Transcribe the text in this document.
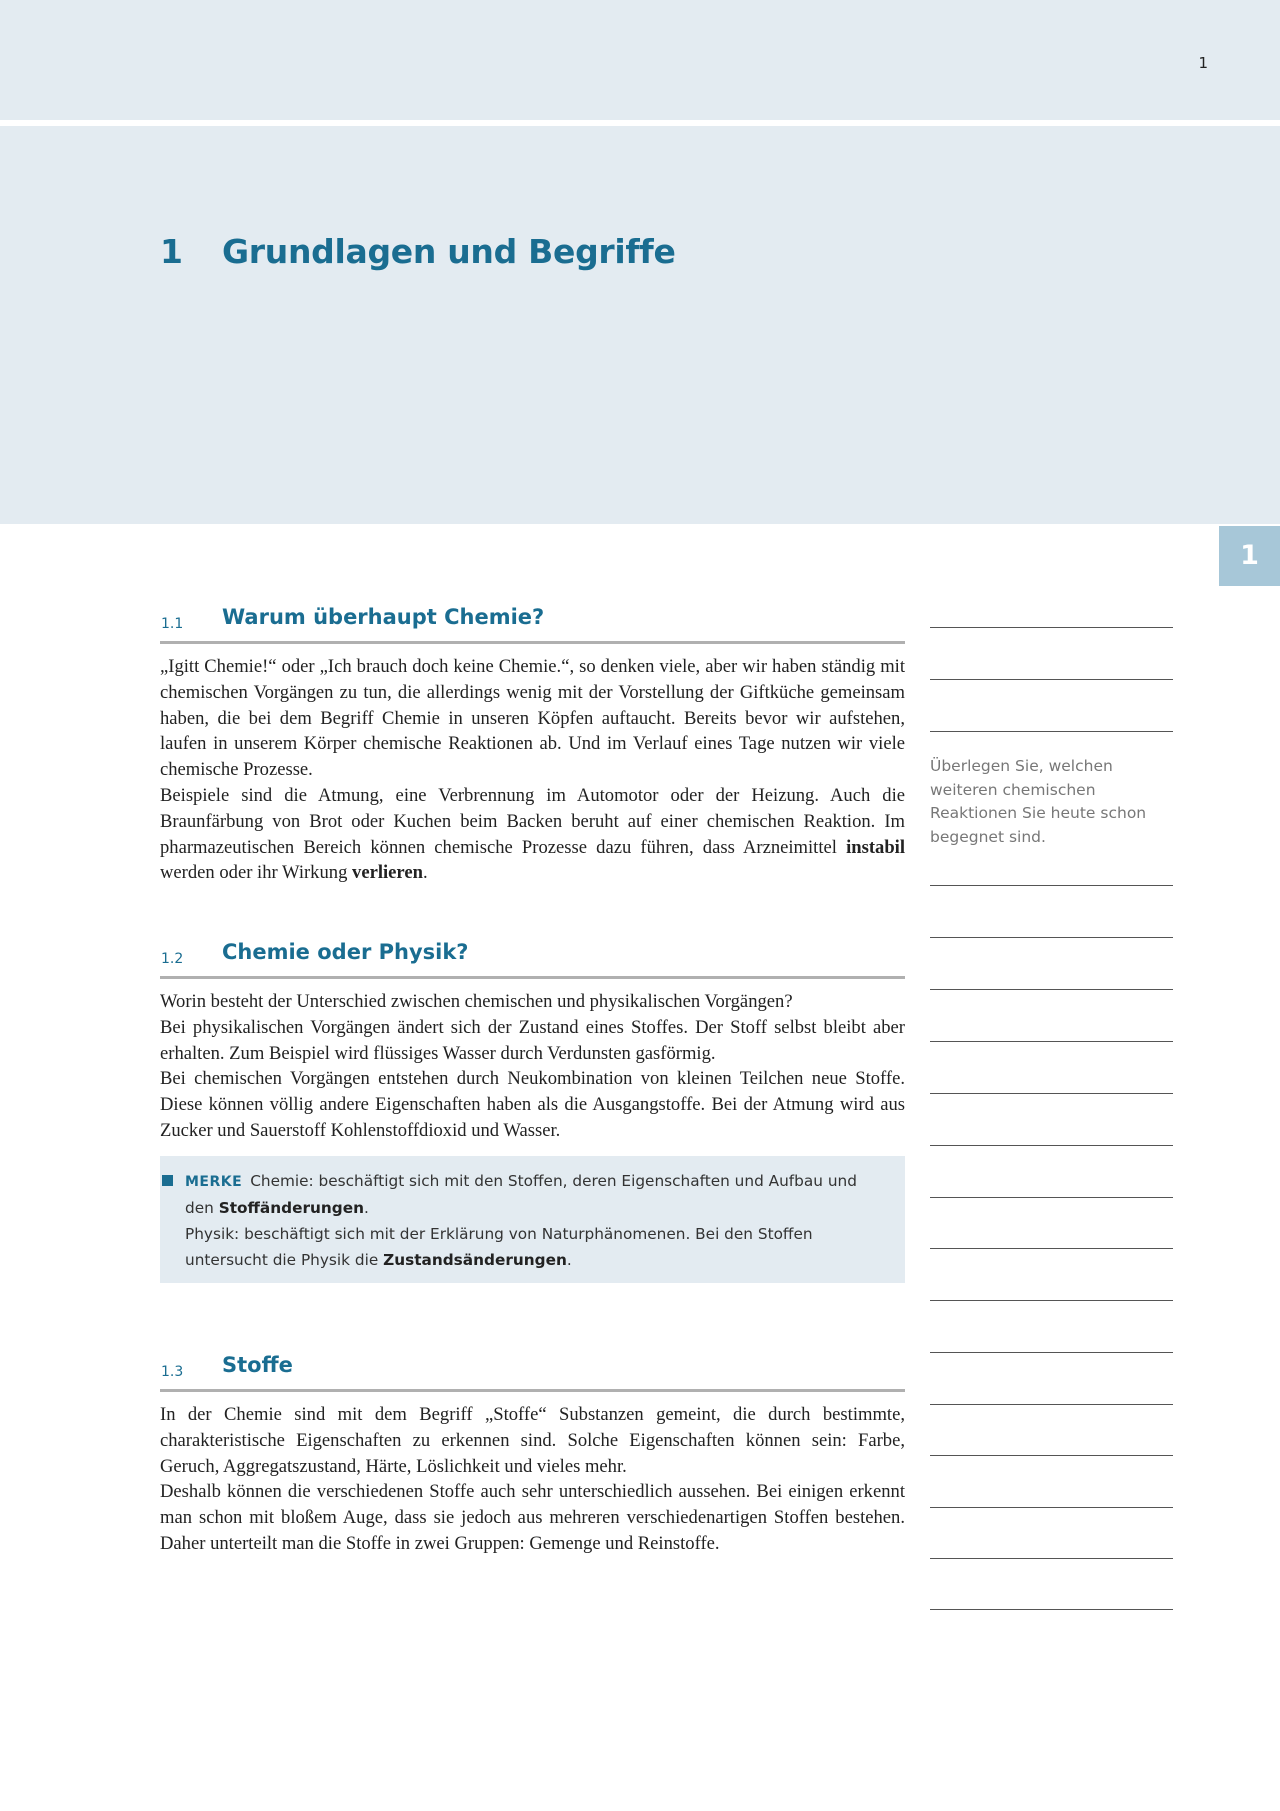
1
1 Grundlagen und Begriffe
1
1.1 Warum überhaupt Chemie?

„Igitt Chemie!“ oder „Ich brauch doch keine Chemie.“, so denken viele, aber wir haben ständig mit chemischen Vorgängen zu tun, die allerdings wenig mit der Vorstellung der Giftküche gemeinsam haben, die bei dem Begriff Chemie in unseren Köpfen auftaucht. Bereits bevor wir aufstehen, laufen in unserem Körper chemische Reaktionen ab. Und im Verlauf eines Tage nutzen wir viele chemische Prozesse.

Beispiele sind die Atmung, eine Verbrennung im Automotor oder der Heizung. Auch die Braunfärbung von Brot oder Kuchen beim Backen beruht auf einer chemischen Reaktion. Im pharmazeutischen Bereich können chemische Prozesse dazu führen, dass Arzneimittel instabil werden oder ihr Wirkung verlieren.

1.2 Chemie oder Physik?

Worin besteht der Unterschied zwischen chemischen und physikalischen Vorgängen?

Bei physikalischen Vorgängen ändert sich der Zustand eines Stoffes. Der Stoff selbst bleibt aber erhalten. Zum Beispiel wird flüssiges Wasser durch Verdunsten gasförmig.

Bei chemischen Vorgängen entstehen durch Neukombination von kleinen Teilchen neue Stoffe. Diese können völlig andere Eigenschaften haben als die Ausgangstoffe. Bei der Atmung wird aus Zucker und Sauerstoff Kohlenstoffdioxid und Wasser.

MERKE Chemie: beschäftigt sich mit den Stoffen, deren Eigenschaften und Aufbau und den Stoffänderungen.
Physik: beschäftigt sich mit der Erklärung von Naturphänomenen. Bei den Stoffen untersucht die Physik die Zustandsänderungen.
1.3 Stoffe

In der Chemie sind mit dem Begriff „Stoffe“ Substanzen gemeint, die durch bestimmte, charakteristische Eigenschaften zu erkennen sind. Solche Eigenschaften können sein: Farbe, Geruch, Aggregatszustand, Härte, Löslichkeit und vieles mehr.

Deshalb können die verschiedenen Stoffe auch sehr unterschiedlich aussehen. Bei einigen erkennt man schon mit bloßem Auge, dass sie jedoch aus mehreren verschiedenartigen Stoffen bestehen. Daher unterteilt man die Stoffe in zwei Gruppen: Gemenge und Reinstoffe.

Überlegen Sie, welchen weiteren chemischen Reaktionen Sie heute schon begegnet sind.
